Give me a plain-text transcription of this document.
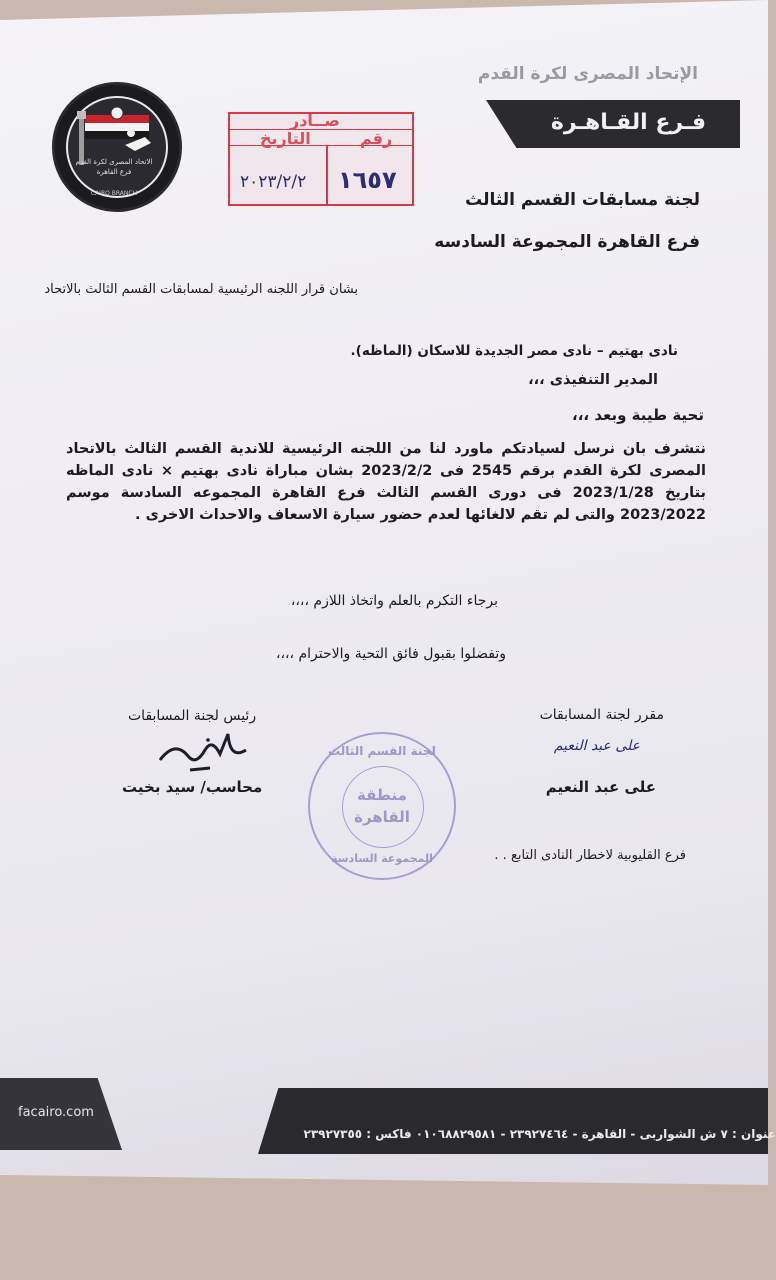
الاتحاد المصرى لكرة القدم
فرع القاهرة
CAIRO BRANCH
الإتحاد المصرى لكرة القدم
فـرع القـاهـرة
صــادر
رقم
التاريخ
١٦٥٧
٢٠٢٣/٢/٢
لجنة مسابقات القسم الثالث
فرع القاهرة المجموعة السادسه
بشان قرار اللجنه الرئيسية لمسابقات القسم الثالث بالاتحاد
نادى بهتيم – نادى مصر الجديدة للاسكان (الماظه).
المدير التنفيذى ،،،
تحية طيبة وبعد ،،،
نتشرف بان نرسل لسيادتكم ماورد لنا من اللجنه الرئيسية للاندية القسم الثالث بالاتحاد المصرى لكرة القدم برقم 2545 فى 2023/2/2 بشان مباراة نادى بهتيم × نادى الماظه بتاريخ 2023/1/28 فى دورى القسم الثالث فرع القاهرة المجموعه السادسة موسم 2023/2022 والتى لم تقم لالغائها لعدم حضور سيارة الاسعاف والاحداث الاخرى .
برجاء التكرم بالعلم واتخاذ اللازم ،،،،
وتفضلوا بقبول فائق التحية والاحترام ،،،،
رئيس لجنة المسابقات
محاسب/ سيد بخيت
مقرر لجنة المسابقات
على عبد النعيم
على عبد النعيم
لجنة القسم الثالث
منطقة
القاهرة
المجموعة السادسة	فرع القليوبية لاخطار النادى التابع . .
facairo.com
عنوان : ٧ ش الشواربى - القاهرة - ٢٣٩٢٧٤٦٤ - ٠١٠٦٨٨٢٩٥٨١ فاكس : ٢٣٩٢٧٣٥٥
